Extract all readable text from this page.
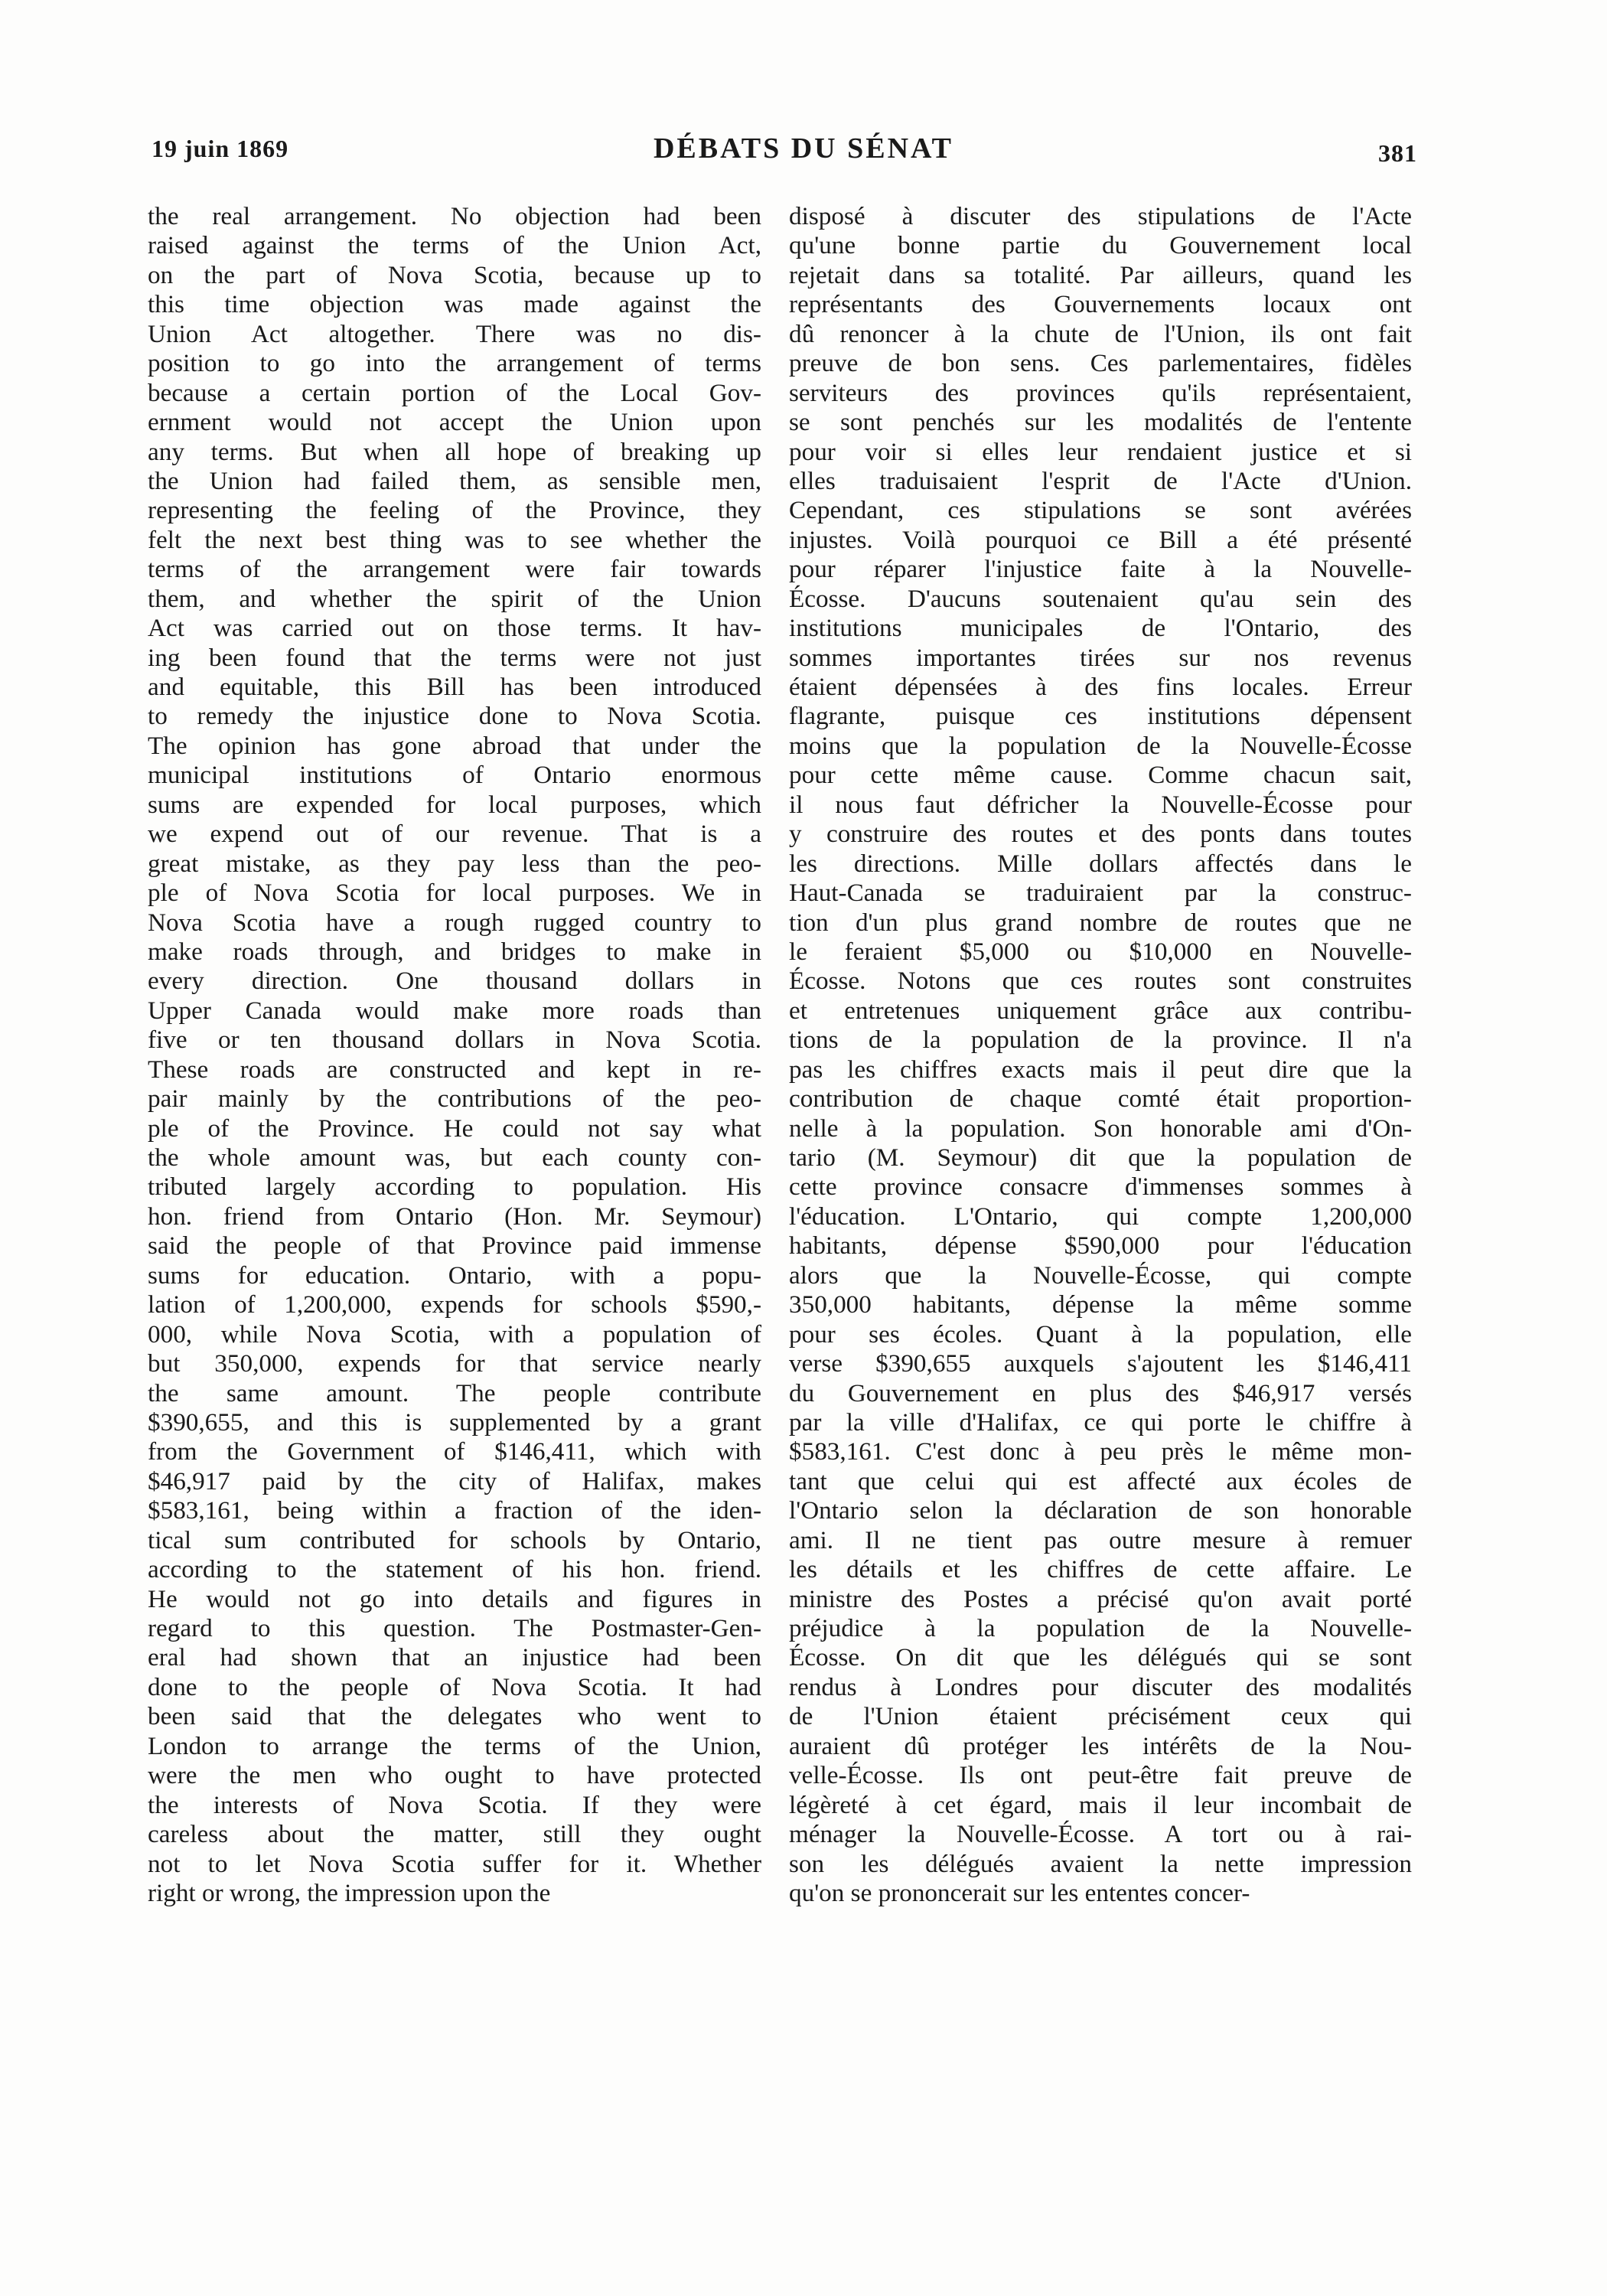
19 juin 1869	DÉBATS DU SÉNAT	381
the real arrangement. No objection had been
raised against the terms of the Union Act,
on the part of Nova Scotia, because up to
this time objection was made against the
Union Act altogether. There was no dis-
position to go into the arrangement of terms
because a certain portion of the Local Gov-
ernment would not accept the Union upon
any terms. But when all hope of breaking up
the Union had failed them, as sensible men,
representing the feeling of the Province, they
felt the next best thing was to see whether the
terms of the arrangement were fair towards
them, and whether the spirit of the Union
Act was carried out on those terms. It hav-
ing been found that the terms were not just
and equitable, this Bill has been introduced
to remedy the injustice done to Nova Scotia.
The opinion has gone abroad that under the
municipal institutions of Ontario enormous
sums are expended for local purposes, which
we expend out of our revenue. That is a
great mistake, as they pay less than the peo-
ple of Nova Scotia for local purposes. We in
Nova Scotia have a rough rugged country to
make roads through, and bridges to make in
every direction. One thousand dollars in
Upper Canada would make more roads than
five or ten thousand dollars in Nova Scotia.
These roads are constructed and kept in re-
pair mainly by the contributions of the peo-
ple of the Province. He could not say what
the whole amount was, but each county con-
tributed largely according to population. His
hon. friend from Ontario (Hon. Mr. Seymour)
said the people of that Province paid immense
sums for education. Ontario, with a popu-
lation of 1,200,000, expends for schools $590,-
000, while Nova Scotia, with a population of
but 350,000, expends for that service nearly
the same amount. The people contribute
$390,655, and this is supplemented by a grant
from the Government of $146,411, which with
$46,917 paid by the city of Halifax, makes
$583,161, being within a fraction of the iden-
tical sum contributed for schools by Ontario,
according to the statement of his hon. friend.
He would not go into details and figures in
regard to this question. The Postmaster-Gen-
eral had shown that an injustice had been
done to the people of Nova Scotia. It had
been said that the delegates who went to
London to arrange the terms of the Union,
were the men who ought to have protected
the interests of Nova Scotia. If they were
careless about the matter, still they ought
not to let Nova Scotia suffer for it. Whether
right or wrong, the impression upon the
disposé à discuter des stipulations de l'Acte
qu'une bonne partie du Gouvernement local
rejetait dans sa totalité. Par ailleurs, quand les
représentants des Gouvernements locaux ont
dû renoncer à la chute de l'Union, ils ont fait
preuve de bon sens. Ces parlementaires, fidèles
serviteurs des provinces qu'ils représentaient,
se sont penchés sur les modalités de l'entente
pour voir si elles leur rendaient justice et si
elles traduisaient l'esprit de l'Acte d'Union.
Cependant, ces stipulations se sont avérées
injustes. Voilà pourquoi ce Bill a été présenté
pour réparer l'injustice faite à la Nouvelle-
Écosse. D'aucuns soutenaient qu'au sein des
institutions municipales de l'Ontario, des
sommes importantes tirées sur nos revenus
étaient dépensées à des fins locales. Erreur
flagrante, puisque ces institutions dépensent
moins que la population de la Nouvelle-Écosse
pour cette même cause. Comme chacun sait,
il nous faut défricher la Nouvelle-Écosse pour
y construire des routes et des ponts dans toutes
les directions. Mille dollars affectés dans le
Haut-Canada se traduiraient par la construc-
tion d'un plus grand nombre de routes que ne
le feraient $5,000 ou $10,000 en Nouvelle-
Écosse. Notons que ces routes sont construites
et entretenues uniquement grâce aux contribu-
tions de la population de la province. Il n'a
pas les chiffres exacts mais il peut dire que la
contribution de chaque comté était proportion-
nelle à la population. Son honorable ami d'On-
tario (M. Seymour) dit que la population de
cette province consacre d'immenses sommes à
l'éducation. L'Ontario, qui compte 1,200,000
habitants, dépense $590,000 pour l'éducation
alors que la Nouvelle-Écosse, qui compte
350,000 habitants, dépense la même somme
pour ses écoles. Quant à la population, elle
verse $390,655 auxquels s'ajoutent les $146,411
du Gouvernement en plus des $46,917 versés
par la ville d'Halifax, ce qui porte le chiffre à
$583,161. C'est donc à peu près le même mon-
tant que celui qui est affecté aux écoles de
l'Ontario selon la déclaration de son honorable
ami. Il ne tient pas outre mesure à remuer
les détails et les chiffres de cette affaire. Le
ministre des Postes a précisé qu'on avait porté
préjudice à la population de la Nouvelle-
Écosse. On dit que les délégués qui se sont
rendus à Londres pour discuter des modalités
de l'Union étaient précisément ceux qui
auraient dû protéger les intérêts de la Nou-
velle-Écosse. Ils ont peut-être fait preuve de
légèreté à cet égard, mais il leur incombait de
ménager la Nouvelle-Écosse. A tort ou à rai-
son les délégués avaient la nette impression
qu'on se prononcerait sur les ententes concer-
